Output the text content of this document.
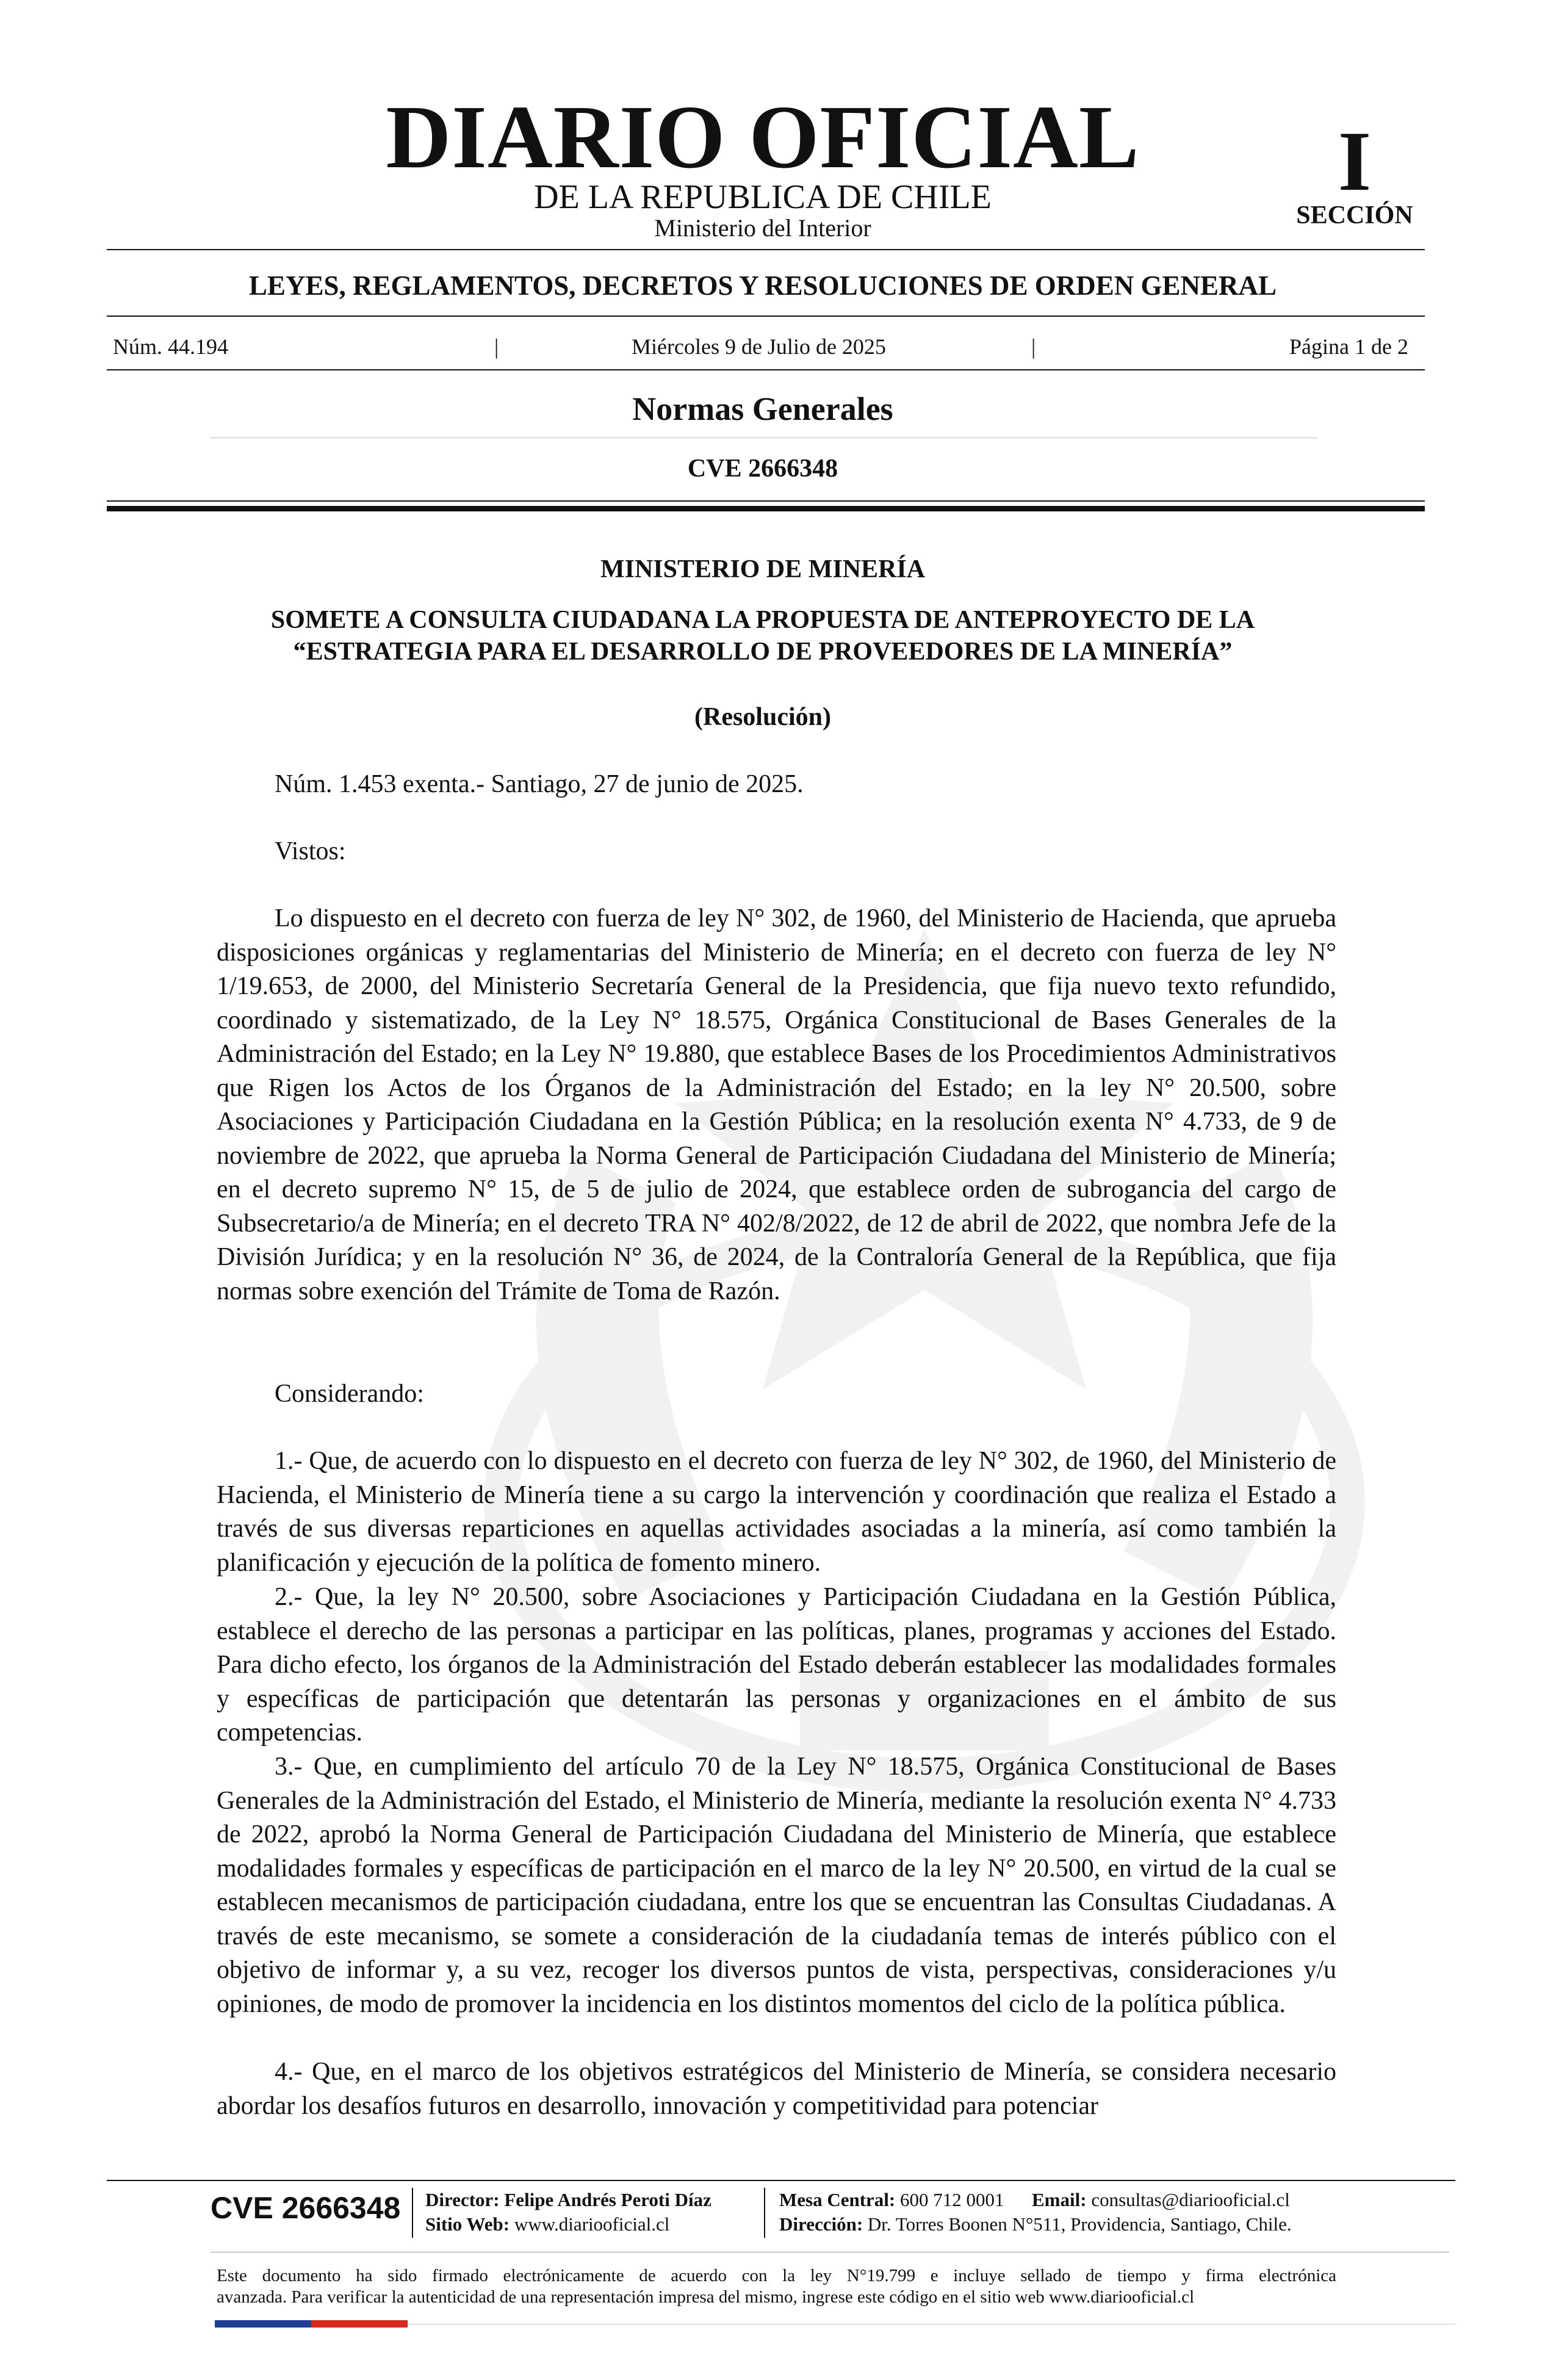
DIARIO OFICIAL
DE LA REPUBLICA DE CHILE
Ministerio del Interior
I
SECCIÓN
LEYES, REGLAMENTOS, DECRETOS Y RESOLUCIONES DE ORDEN GENERAL
Núm. 44.194	|	Miércoles 9 de Julio de 2025	|	Página 1 de 2
Normas Generales
CVE 2666348
MINISTERIO DE MINERÍA
SOMETE A CONSULTA CIUDADANA LA PROPUESTA DE ANTEPROYECTO DE LA
“ESTRATEGIA PARA EL DESARROLLO DE PROVEEDORES DE LA MINERÍA”
(Resolución)

Núm. 1.453 exenta.- Santiago, 27 de junio de 2025.

Vistos:

Lo dispuesto en el decreto con fuerza de ley N° 302, de 1960, del Ministerio de Hacienda, que aprueba disposiciones orgánicas y reglamentarias del Ministerio de Minería; en el decreto con fuerza de ley N° 1/19.653, de 2000, del Ministerio Secretaría General de la Presidencia, que fija nuevo texto refundido, coordinado y sistematizado, de la Ley N° 18.575, Orgánica Constitucional de Bases Generales de la Administración del Estado; en la Ley N° 19.880, que establece Bases de los Procedimientos Administrativos que Rigen los Actos de los Órganos de la Administración del Estado; en la ley N° 20.500, sobre Asociaciones y Participación Ciudadana en la Gestión Pública; en la resolución exenta N° 4.733, de 9 de noviembre de 2022, que aprueba la Norma General de Participación Ciudadana del Ministerio de Minería; en el decreto supremo N° 15, de 5 de julio de 2024, que establece orden de subrogancia del cargo de Subsecretario/a de Minería; en el decreto TRA N° 402/8/2022, de 12 de abril de 2022, que nombra Jefe de la División Jurídica; y en la resolución N° 36, de 2024, de la Contraloría General de la República, que fija normas sobre exención del Trámite de Toma de Razón.

Considerando:

1.- Que, de acuerdo con lo dispuesto en el decreto con fuerza de ley N° 302, de 1960, del Ministerio de Hacienda, el Ministerio de Minería tiene a su cargo la intervención y coordinación que realiza el Estado a través de sus diversas reparticiones en aquellas actividades asociadas a la minería, así como también la planificación y ejecución de la política de fomento minero.

2.- Que, la ley N° 20.500, sobre Asociaciones y Participación Ciudadana en la Gestión Pública, establece el derecho de las personas a participar en las políticas, planes, programas y acciones del Estado. Para dicho efecto, los órganos de la Administración del Estado deberán establecer las modalidades formales y específicas de participación que detentarán las personas y organizaciones en el ámbito de sus competencias.

3.- Que, en cumplimiento del artículo 70 de la Ley N° 18.575, Orgánica Constitucional de Bases Generales de la Administración del Estado, el Ministerio de Minería, mediante la resolución exenta N° 4.733 de 2022, aprobó la Norma General de Participación Ciudadana del Ministerio de Minería, que establece modalidades formales y específicas de participación en el marco de la ley N° 20.500, en virtud de la cual se establecen mecanismos de participación ciudadana, entre los que se encuentran las Consultas Ciudadanas. A través de este mecanismo, se somete a consideración de la ciudadanía temas de interés público con el objetivo de informar y, a su vez, recoger los diversos puntos de vista, perspectivas, consideraciones y/u opiniones, de modo de promover la incidencia en los distintos momentos del ciclo de la política pública.

4.- Que, en el marco de los objetivos estratégicos del Ministerio de Minería, se considera necesario abordar los desafíos futuros en desarrollo, innovación y competitividad para potenciar

CVE 2666348 Director: Felipe Andrés Peroti Díaz
Sitio Web: www.diariooficial.cl
Mesa Central: 600 712 0001 Email: consultas@diariooficial.cl
Dirección: Dr. Torres Boonen N°511, Providencia, Santiago, Chile.
Este documento ha sido firmado electrónicamente de acuerdo con la ley N°19.799 e incluye sellado de tiempo y firma electrónica
avanzada. Para verificar la autenticidad de una representación impresa del mismo, ingrese este código en el sitio web www.diariooficial.cl
